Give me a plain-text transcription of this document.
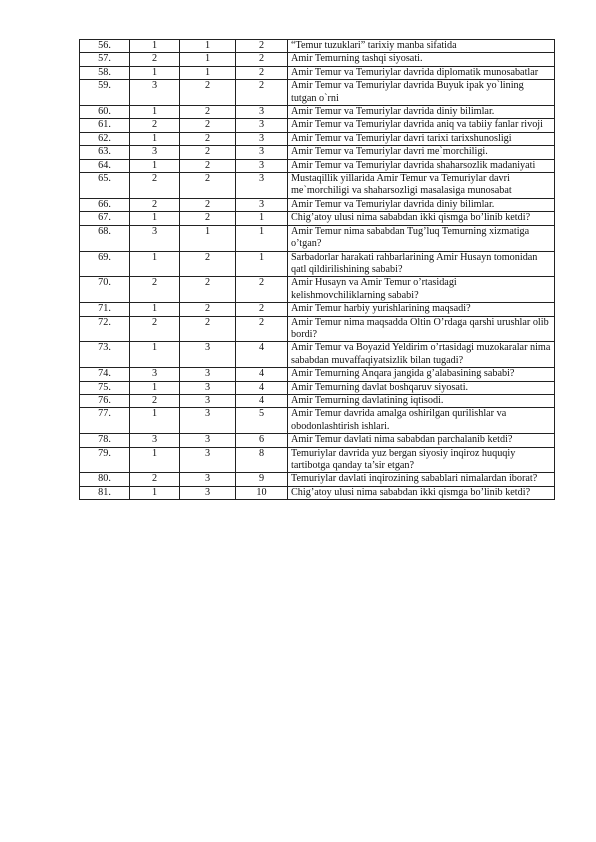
56.	1	1	2	“Temur tuzuklari” tarixiy manba sifatida
57.	2	1	2	Amir Temurning tashqi siyosati.
58.	1	1	2	Amir Temur va Temuriylar davrida diplomatik munosabatlar
59.	3	2	2	Amir Temur va Temuriylar davrida Buyuk ipak yo`lining tutgan o`rni
60.	1	2	3	Amir Temur va Temuriylar davrida diniy bilimlar.
61.	2	2	3	Amir Temur va Temuriylar davrida aniq va tabiiy fanlar rivoji
62.	1	2	3	Amir Temur va Temuriylar davri tarixi tarixshunosligi
63.	3	2	3	Amir Temur va Temuriylar davri me`morchiligi.
64.	1	2	3	Amir Temur va Temuriylar davrida shaharsozlik madaniyati
65.	2	2	3	Mustaqillik yillarida Amir Temur va Temuriylar davri me`morchiligi va shaharsozligi masalasiga munosabat
66.	2	2	3	Amir Temur va Temuriylar davrida diniy bilimlar.
67.	1	2	1	Chig’atoy ulusi nima sababdan ikki qismga bo’linib ketdi?
68.	3	1	1	Amir Temur nima sababdan Tug’luq Temurning xizmatiga o’tgan?
69.	1	2	1	Sarbadorlar harakati rahbarlarining Amir Husayn tomonidan qatl qildirilishining sababi?
70.	2	2	2	Amir Husayn va Amir Temur o’rtasidagi kelishmovchiliklarning sababi?
71.	1	2	2	Amir Temur harbiy yurishlarining maqsadi?
72.	2	2	2	Amir Temur nima maqsadda Oltin O’rdaga qarshi urushlar olib bordi?
73.	1	3	4	Amir Temur va Boyazid Yeldirim o’rtasidagi muzokaralar nima sababdan muvaffaqiyatsizlik bilan tugadi?
74.	3	3	4	Amir Temurning Anqara jangida g’alabasining sababi?
75.	1	3	4	Amir Temurning davlat boshqaruv siyosati.
76.	2	3	4	Amir Temurning davlatining iqtisodi.
77.	1	3	5	Amir Temur davrida amalga oshirilgan qurilishlar va obodonlashtirish ishlari.
78.	3	3	6	Amir Temur davlati nima sababdan parchalanib ketdi?
79.	1	3	8	Temuriylar davrida yuz bergan siyosiy inqiroz huquqiy tartibotga qanday ta’sir etgan?
80.	2	3	9	Temuriylar davlati inqirozining sabablari nimalardan iborat?
81.	1	3	10	Chig’atoy ulusi nima sababdan ikki qismga bo’linib ketdi?
